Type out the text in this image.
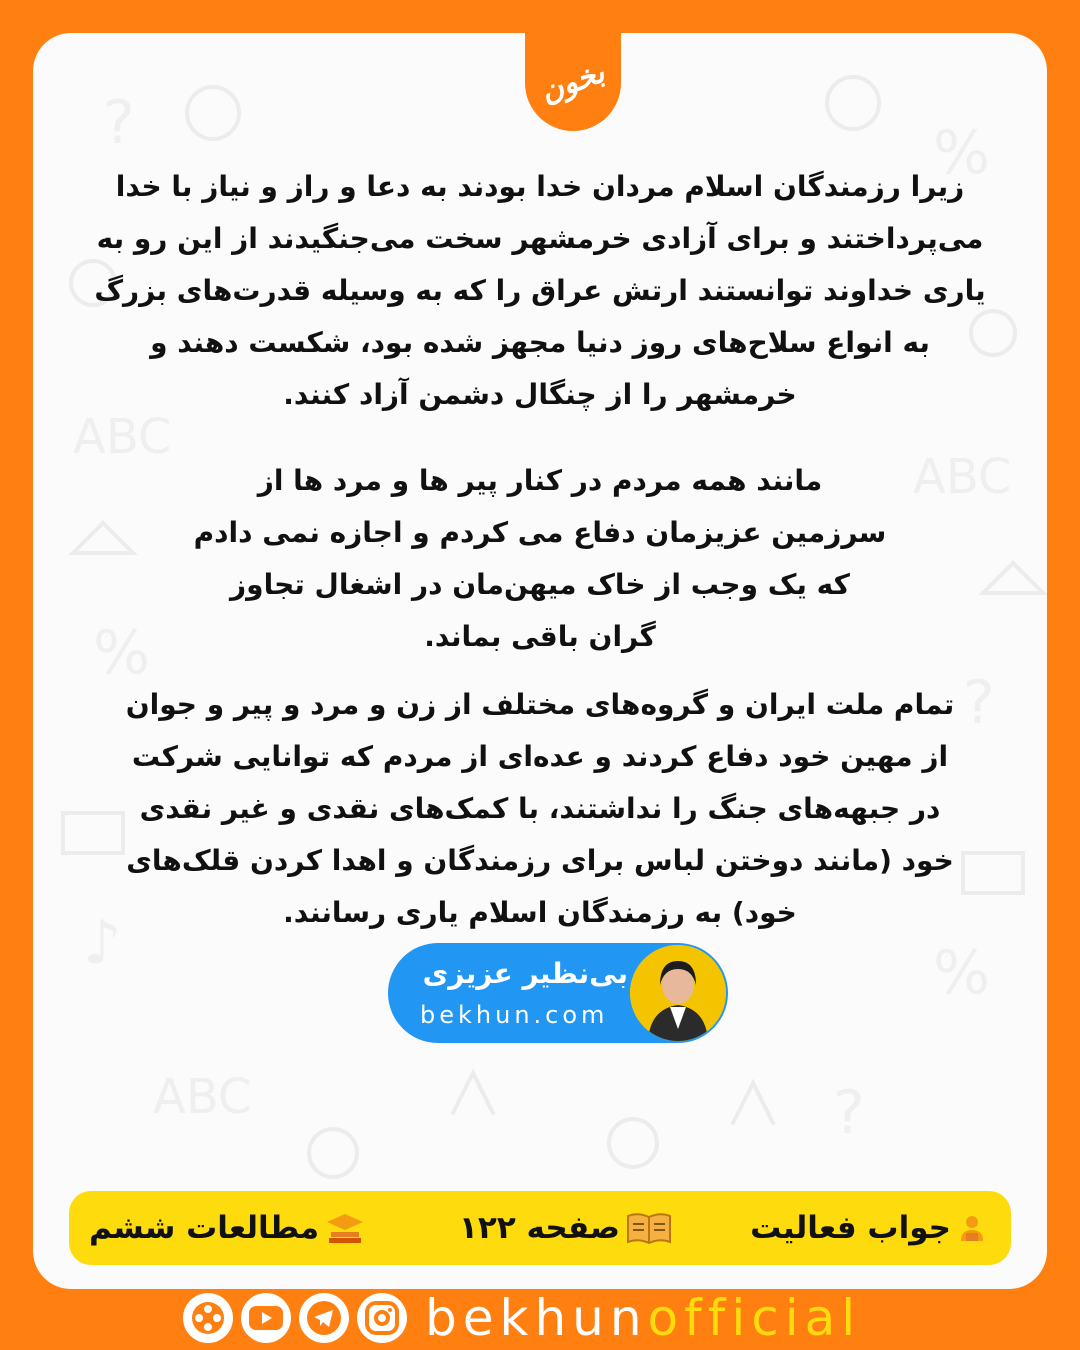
?	%
ABC
ABC
%
?
♪	%
ABC	?
بخون
زیرا رزمندگان اسلام مردان خدا بودند به دعا و راز و نیاز با خدا
می‌پرداختند و برای آزادی خرمشهر سخت می‌جنگیدند از این رو به
یاری خداوند توانستند ارتش عراق را که به وسیله قدرت‌های بزرگ
به انواع سلاح‌های روز دنیا مجهز شده بود، شکست دهند و
خرمشهر را از چنگال دشمن آزاد کنند.
مانند همه مردم در کنار پیر ها و مرد ها از
سرزمین عزیزمان دفاع می کردم و اجازه نمی دادم
که یک وجب از خاک میهن‌مان در اشغال تجاوز
گران باقی بماند.
تمام ملت ایران و گروه‌های مختلف از زن و مرد و پیر و جوان
از مهین خود دفاع کردند و عده‌ای از مردم که توانایی شرکت
در جبهه‌های جنگ را نداشتند، با کمک‌های نقدی و غیر نقدی
خود (مانند دوختن لباس برای رزمندگان و اهدا کردن قلک‌های
خود) به رزمندگان اسلام یاری رسانند.
بی‌نظیر عزیزی
bekhun.com
جواب فعالیت
صفحه ۱۲۲
مطالعات ششم
bekhunofficial
